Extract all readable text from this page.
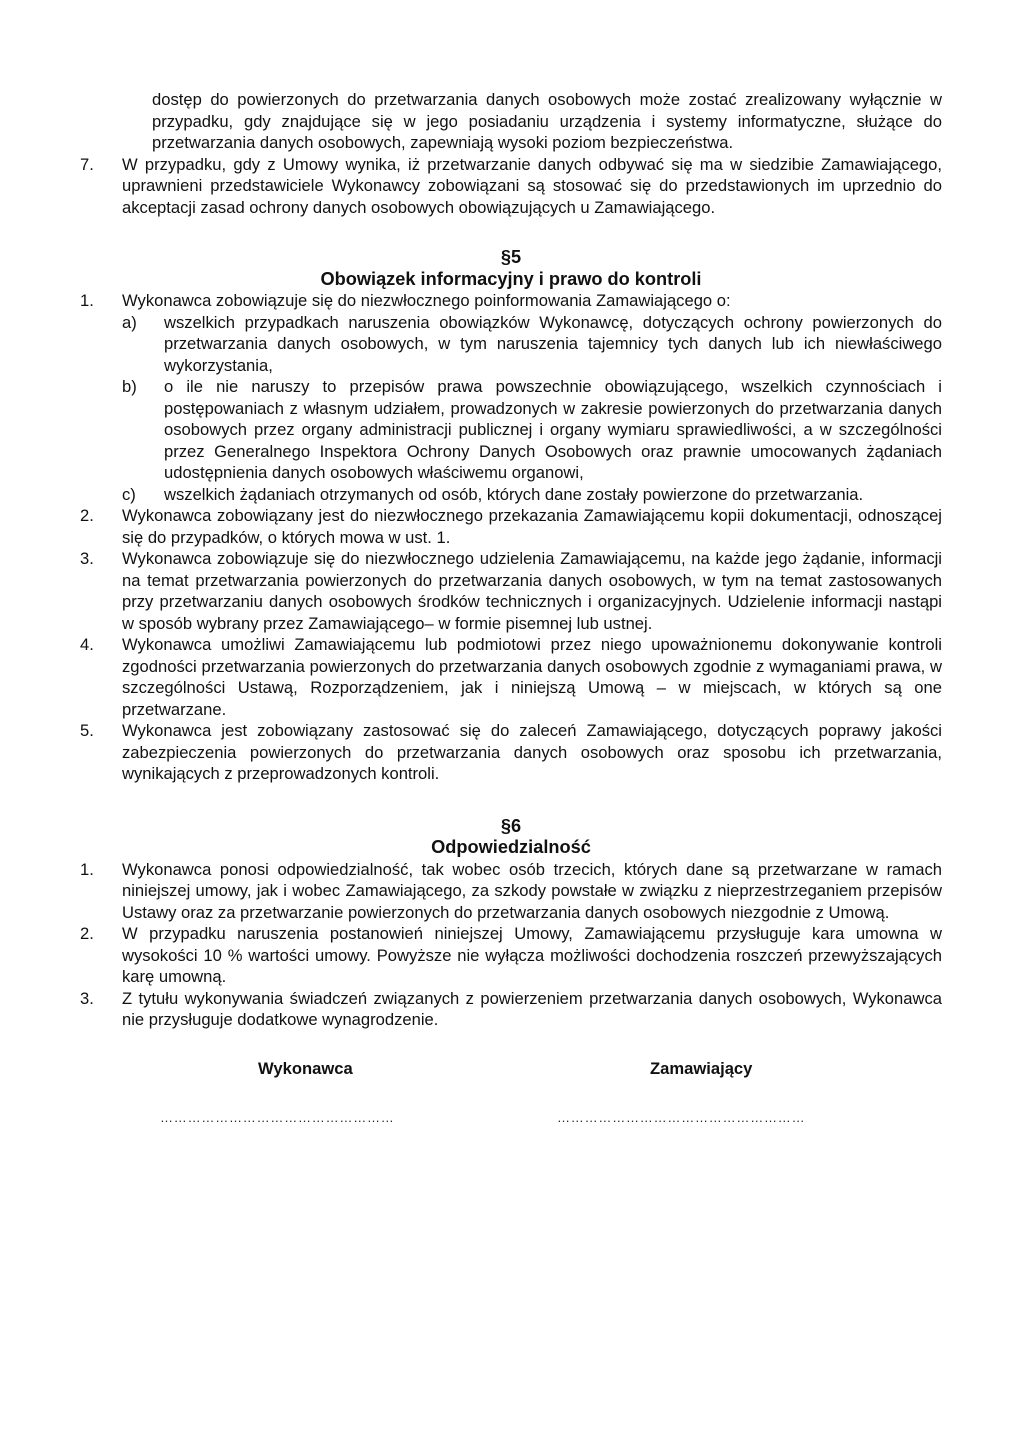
dostęp do powierzonych do przetwarzania danych osobowych może zostać zrealizowany wyłącznie w przypadku, gdy znajdujące się w jego posiadaniu urządzenia i systemy informatyczne, służące do przetwarzania danych osobowych, zapewniają wysoki poziom bezpieczeństwa.

7. W przypadku, gdy z Umowy wynika, iż przetwarzanie danych odbywać się ma w siedzibie Zamawiającego, uprawnieni przedstawiciele Wykonawcy zobowiązani są stosować się do przedstawionych im uprzednio do akceptacji zasad ochrony danych osobowych obowiązujących u Zamawiającego.
§5
Obowiązek informacyjny i prawo do kontroli
1. Wykonawca zobowiązuje się do niezwłocznego poinformowania Zamawiającego o:
a) wszelkich przypadkach naruszenia obowiązków Wykonawcę, dotyczących ochrony powierzonych do przetwarzania danych osobowych, w tym naruszenia tajemnicy tych danych lub ich niewłaściwego wykorzystania,
b) o ile nie naruszy to przepisów prawa powszechnie obowiązującego, wszelkich czynnościach i postępowaniach z własnym udziałem, prowadzonych w zakresie powierzonych do przetwarzania danych osobowych przez organy administracji publicznej i organy wymiaru sprawiedliwości, a w szczególności przez Generalnego Inspektora Ochrony Danych Osobowych oraz prawnie umocowanych żądaniach udostępnienia danych osobowych właściwemu organowi,
c) wszelkich żądaniach otrzymanych od osób, których dane zostały powierzone do przetwarzania.
2. Wykonawca zobowiązany jest do niezwłocznego przekazania Zamawiającemu kopii dokumentacji, odnoszącej się do przypadków, o których mowa w ust. 1.
3. Wykonawca zobowiązuje się do niezwłocznego udzielenia Zamawiającemu, na każde jego żądanie, informacji na temat przetwarzania powierzonych do przetwarzania danych osobowych, w tym na temat zastosowanych przy przetwarzaniu danych osobowych środków technicznych i organizacyjnych. Udzielenie informacji nastąpi w sposób wybrany przez Zamawiającego– w formie pisemnej lub ustnej.
4. Wykonawca umożliwi Zamawiającemu lub podmiotowi przez niego upoważnionemu dokonywanie kontroli zgodności przetwarzania powierzonych do przetwarzania danych osobowych zgodnie z wymaganiami prawa, w szczególności Ustawą, Rozporządzeniem, jak i niniejszą Umową – w miejscach, w których są one przetwarzane.
5. Wykonawca jest zobowiązany zastosować się do zaleceń Zamawiającego, dotyczących poprawy jakości zabezpieczenia powierzonych do przetwarzania danych osobowych oraz sposobu ich przetwarzania, wynikających z przeprowadzonych kontroli.
§6
Odpowiedzialność
1. Wykonawca ponosi odpowiedzialność, tak wobec osób trzecich, których dane są przetwarzane w ramach niniejszej umowy, jak i wobec Zamawiającego, za szkody powstałe w związku z nieprzestrzeganiem przepisów Ustawy oraz za przetwarzanie powierzonych do przetwarzania danych osobowych niezgodnie z Umową.
2. W przypadku naruszenia postanowień niniejszej Umowy, Zamawiającemu przysługuje kara umowna w wysokości 10 % wartości umowy. Powyższe nie wyłącza możliwości dochodzenia roszczeń przewyższających karę umowną.
3. Z tytułu wykonywania świadczeń związanych z powierzeniem przetwarzania danych osobowych, Wykonawca nie przysługuje dodatkowe wynagrodzenie.
Wykonawca	Zamawiający
……………………………………………	………………………………………………
